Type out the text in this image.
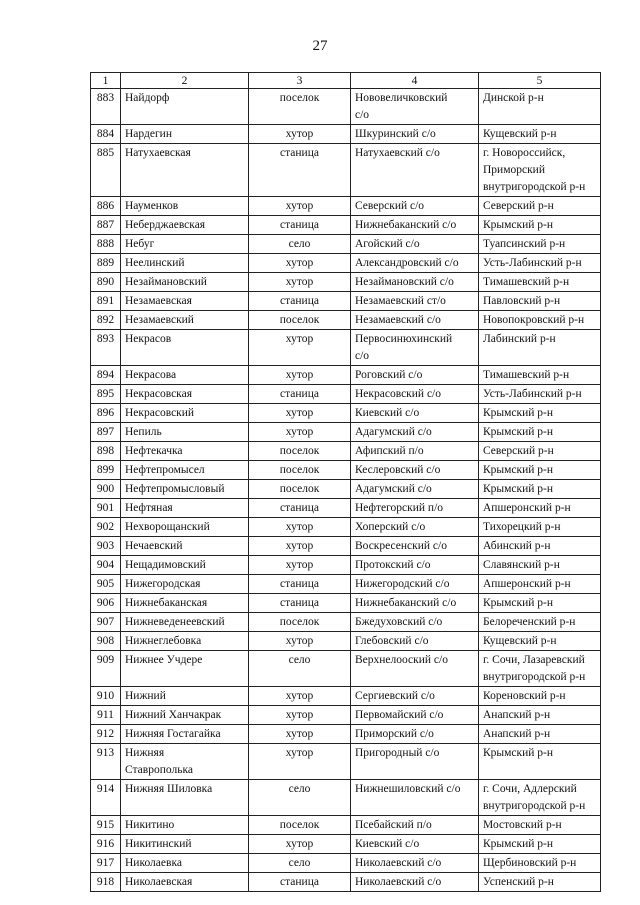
27
1	2	3	4	5
883	Найдорф	поселок	Нововеличковский
с/о	Динской р-н

884	Нардегин	хутор	Шкуринский с/о	Кущевский р-н

885	Натухаевская	станица	Натухаевский с/о	г. Новороссийск,
Приморский
внутригородской р-н

886	Науменков	хутор	Северский с/о	Северский р-н

887	Неберджаевская	станица	Нижнебаканский с/о	Крымский р-н

888	Небуг	село	Агойский с/о	Туапсинский р-н

889	Неелинский	хутор	Александровский с/о	Усть-Лабинский р-н

890	Незаймановский	хутор	Незаймановский с/о	Тимашевский р-н

891	Незамаевская	станица	Незамаевский ст/о	Павловский р-н

892	Незамаевский	поселок	Незамаевский с/о	Новопокровский р-н

893	Некрасов	хутор	Первосинюхинский
с/о	Лабинский р-н

894	Некрасова	хутор	Роговский с/о	Тимашевский р-н

895	Некрасовская	станица	Некрасовский с/о	Усть-Лабинский р-н

896	Некрасовский	хутор	Киевский с/о	Крымский р-н

897	Непиль	хутор	Адагумский с/о	Крымский р-н

898	Нефтекачка	поселок	Афипский п/о	Северский р-н

899	Нефтепромысел	поселок	Кеслеровский с/о	Крымский р-н

900	Нефтепромысловый	поселок	Адагумский с/о	Крымский р-н

901	Нефтяная	станица	Нефтегорский п/о	Апшеронский р-н

902	Нехворощанский	хутор	Хоперский с/о	Тихорецкий р-н

903	Нечаевский	хутор	Воскресенский с/о	Абинский р-н

904	Нещадимовский	хутор	Протокский с/о	Славянский р-н

905	Нижегородская	станица	Нижегородский с/о	Апшеронский р-н

906	Нижнебаканская	станица	Нижнебаканский с/о	Крымский р-н

907	Нижневеденеевский	поселок	Бжедуховский с/о	Белореченский р-н

908	Нижнеглебовка	хутор	Глебовский с/о	Кущевский р-н

909	Нижнее Учдере	село	Верхнелооский с/о	г. Сочи, Лазаревский
внутригородской р-н

910	Нижний	хутор	Сергиевский с/о	Кореновский р-н

911	Нижний Ханчакрак	хутор	Первомайский с/о	Анапский р-н

912	Нижняя Гостагайка	хутор	Приморский с/о	Анапский р-н

913	Нижняя
Ставрополька	хутор	Пригородный с/о	Крымский р-н

914	Нижняя Шиловка	село	Нижнешиловский с/о	г. Сочи, Адлерский
внутригородской р-н

915	Никитино	поселок	Псебайский п/о	Мостовский р-н

916	Никитинский	хутор	Киевский с/о	Крымский р-н

917	Николаевка	село	Николаевский с/о	Щербиновский р-н

918	Николаевская	станица	Николаевский с/о	Успенский р-н
